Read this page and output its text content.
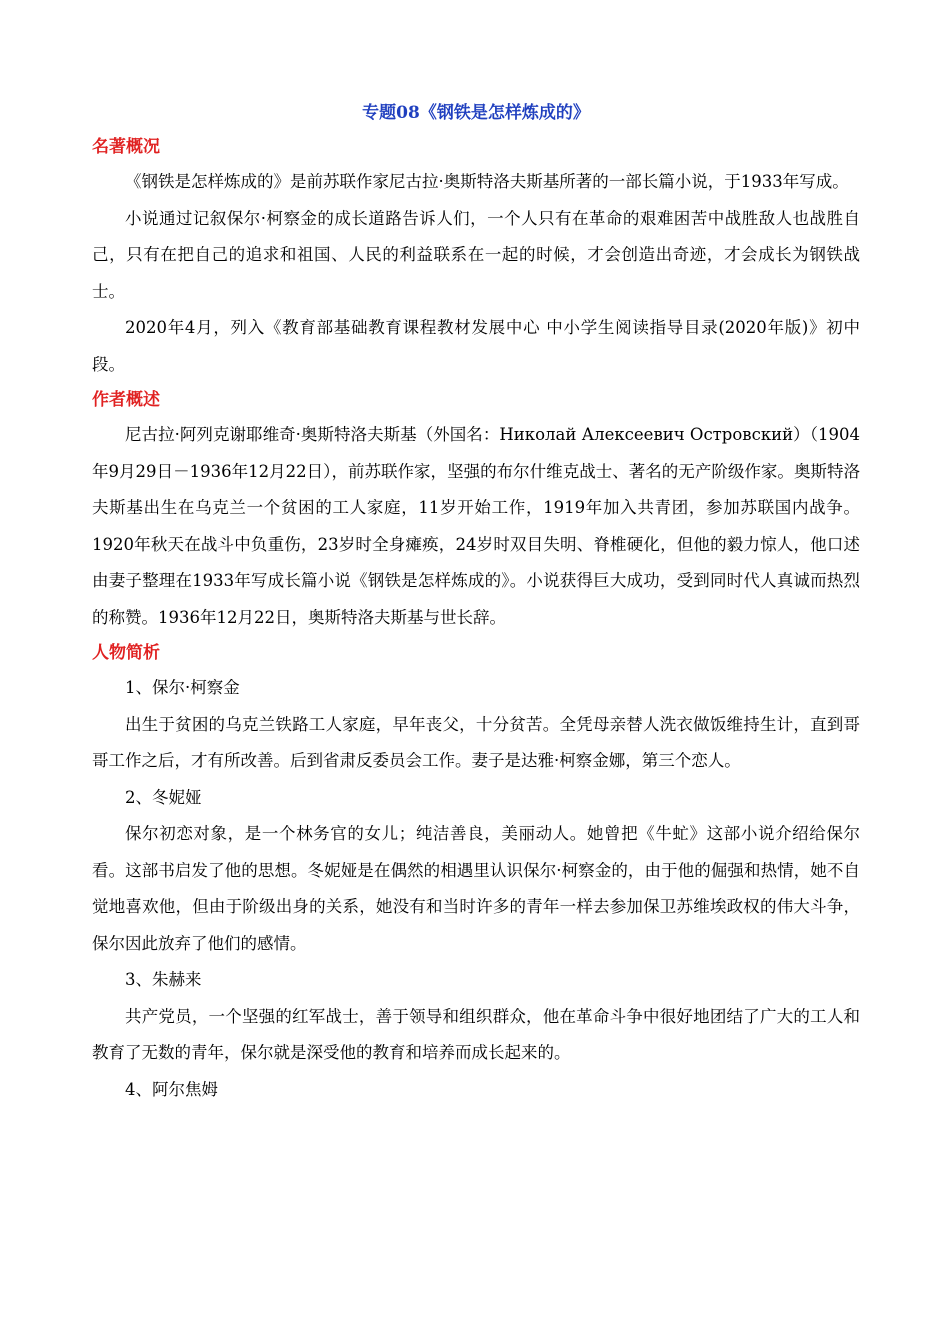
专题08《钢铁是怎样炼成的》
名著概况

《钢铁是怎样炼成的》是前苏联作家尼古拉·奥斯特洛夫斯基所著的一部长篇小说，于1933年写成。

小说通过记叙保尔·柯察金的成长道路告诉人们，一个人只有在革命的艰难困苦中战胜敌人也战胜自己，只有在把自己的追求和祖国、人民的利益联系在一起的时候，才会创造出奇迹，才会成长为钢铁战士。

2020年4月，列入《教育部基础教育课程教材发展中心 中小学生阅读指导目录(2020年版)》初中段。

作者概述

尼古拉·阿列克谢耶维奇·奥斯特洛夫斯基（外国名：Николай Алексеевич Островский）（1904年9月29日－1936年12月22日），前苏联作家，坚强的布尔什维克战士、著名的无产阶级作家。奥斯特洛夫斯基出生在乌克兰一个贫困的工人家庭，11岁开始工作，1919年加入共青团，参加苏联国内战争。1920年秋天在战斗中负重伤，23岁时全身瘫痪，24岁时双目失明、脊椎硬化，但他的毅力惊人，他口述由妻子整理在1933年写成长篇小说《钢铁是怎样炼成的》。小说获得巨大成功，受到同时代人真诚而热烈的称赞。1936年12月22日，奥斯特洛夫斯基与世长辞。

人物简析

1、保尔·柯察金

出生于贫困的乌克兰铁路工人家庭，早年丧父，十分贫苦。全凭母亲替人洗衣做饭维持生计，直到哥哥工作之后，才有所改善。后到省肃反委员会工作。妻子是达雅·柯察金娜，第三个恋人。

2、冬妮娅

保尔初恋对象，是一个林务官的女儿；纯洁善良，美丽动人。她曾把《牛虻》这部小说介绍给保尔看。这部书启发了他的思想。冬妮娅是在偶然的相遇里认识保尔·柯察金的，由于他的倔强和热情，她不自觉地喜欢他，但由于阶级出身的关系，她没有和当时许多的青年一样去参加保卫苏维埃政权的伟大斗争，保尔因此放弃了他们的感情。

3、朱赫来

共产党员，一个坚强的红军战士，善于领导和组织群众，他在革命斗争中很好地团结了广大的工人和教育了无数的青年，保尔就是深受他的教育和培养而成长起来的。

4、阿尔焦姆
